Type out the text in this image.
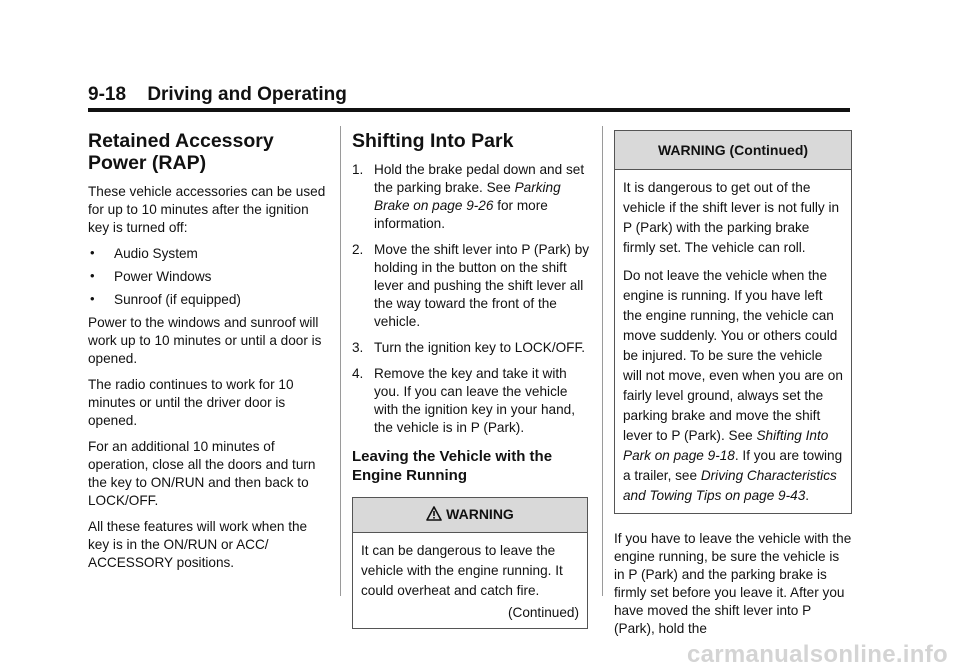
9-18 Driving and Operating
Retained Accessory Power (RAP)

These vehicle accessories can be used for up to 10 minutes after the ignition key is turned off:

• Audio System
• Power Windows
• Sunroof (if equipped)

Power to the windows and sunroof will work up to 10 minutes or until a door is opened.

The radio continues to work for 10 minutes or until the driver door is opened.

For an additional 10 minutes of operation, close all the doors and turn the key to ON/RUN and then back to LOCK/OFF.

All these features will work when the key is in the ON/RUN or ACC/ ACCESSORY positions.

Shifting Into Park
1. Hold the brake pedal down and set the parking brake. See Parking Brake on page 9-26 for more information.
2. Move the shift lever into P (Park) by holding in the button on the shift lever and pushing the shift lever all the way toward the front of the vehicle.
3. Turn the ignition key to LOCK/OFF.
4. Remove the key and take it with you. If you can leave the vehicle with the ignition key in your hand, the vehicle is in P (Park).
Leaving the Vehicle with the Engine Running
WARNING

It can be dangerous to leave the vehicle with the engine running. It could overheat and catch fire.

(Continued)
WARNING (Continued)

It is dangerous to get out of the vehicle if the shift lever is not fully in P (Park) with the parking brake firmly set. The vehicle can roll.

Do not leave the vehicle when the engine is running. If you have left the engine running, the vehicle can move suddenly. You or others could be injured. To be sure the vehicle will not move, even when you are on fairly level ground, always set the parking brake and move the shift lever to P (Park). See Shifting Into Park on page 9-18. If you are towing a trailer, see Driving Characteristics and Towing Tips on page 9-43.

If you have to leave the vehicle with the engine running, be sure the vehicle is in P (Park) and the parking brake is firmly set before you leave it. After you have moved the shift lever into P (Park), hold the

carmanualsonline.info
